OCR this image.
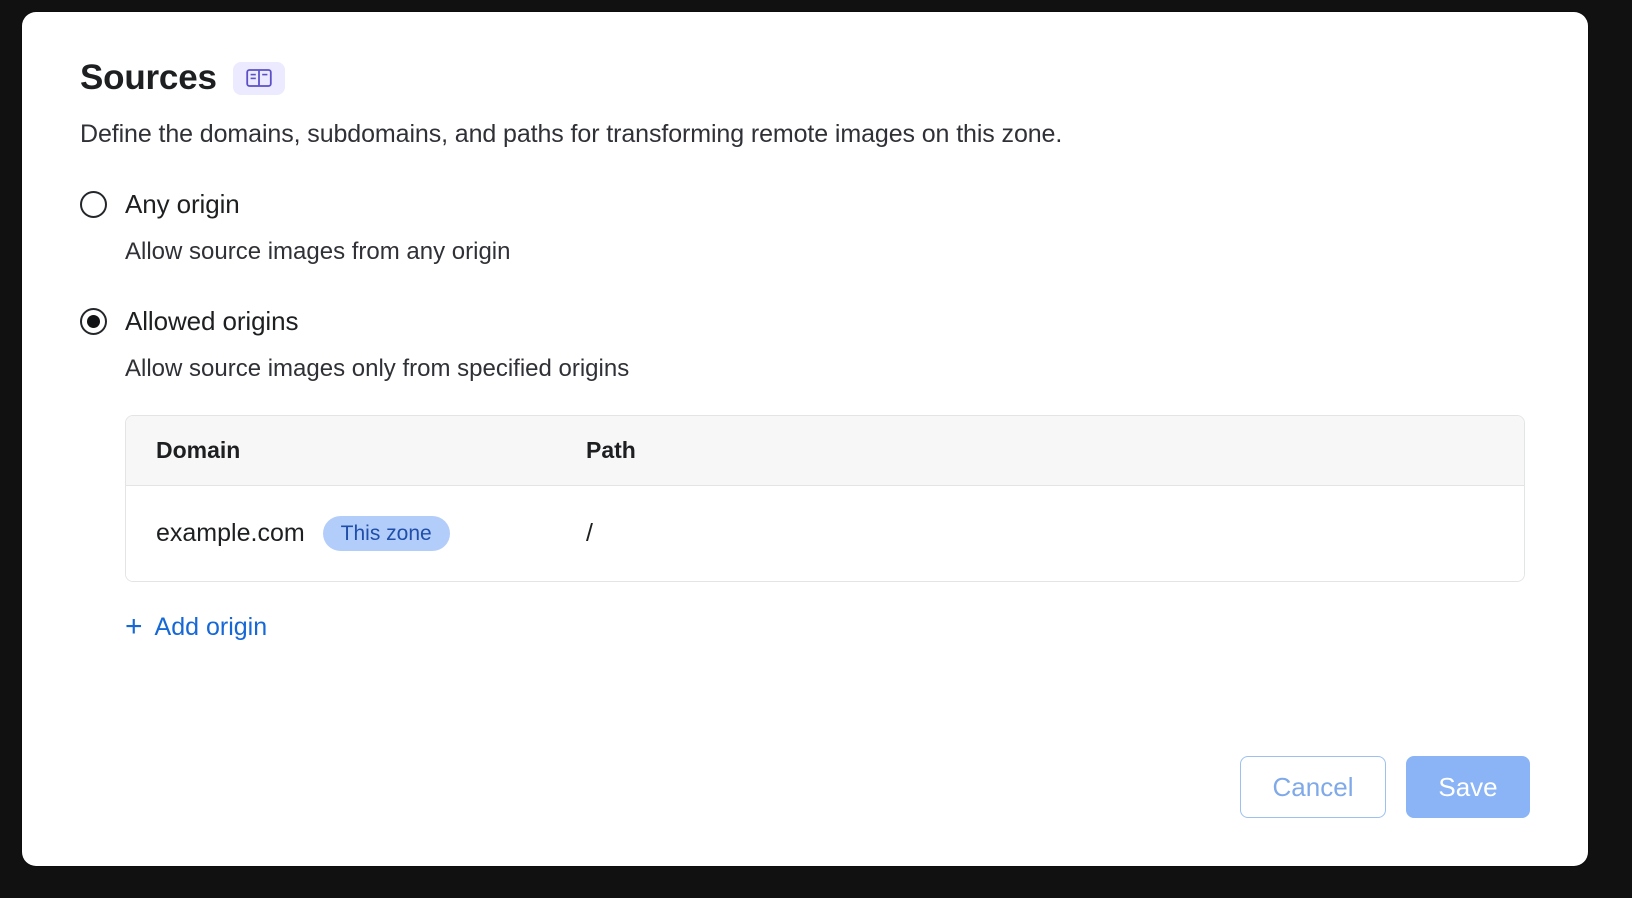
Sources
Define the domains, subdomains, and paths for transforming remote images on this zone.
Any origin
Allow source images from any origin
Allowed origins
Allow source images only from specified origins
Domain	Path
example.com	This zone	/
+ Add origin
Cancel	Save
